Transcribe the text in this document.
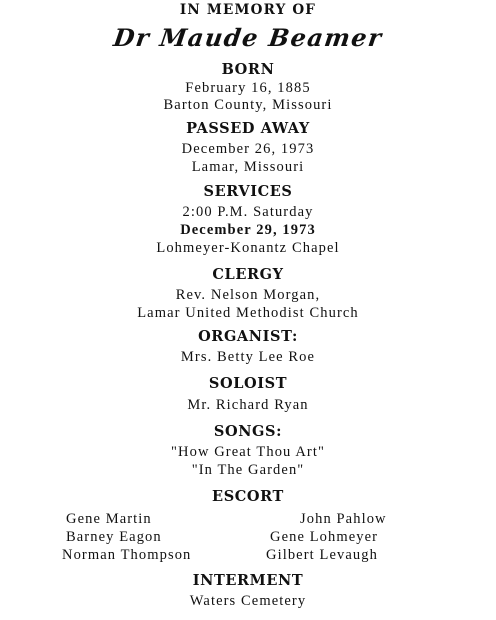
IN MEMORY OF
Dr Maude Beamer
BORN
February 16, 1885
Barton County, Missouri
PASSED AWAY
December 26, 1973
Lamar, Missouri
SERVICES
2:00 P.M. Saturday
December 29, 1973
Lohmeyer-Konantz Chapel
CLERGY
Rev. Nelson Morgan,
Lamar United Methodist Church
ORGANIST:
Mrs. Betty Lee Roe
SOLOIST
Mr. Richard Ryan
SONGS:
"How Great Thou Art"
"In The Garden"
ESCORT
Gene Martin	John Pahlow
Barney Eagon	Gene Lohmeyer
Norman Thompson	Gilbert Levaugh
INTERMENT
Waters Cemetery
